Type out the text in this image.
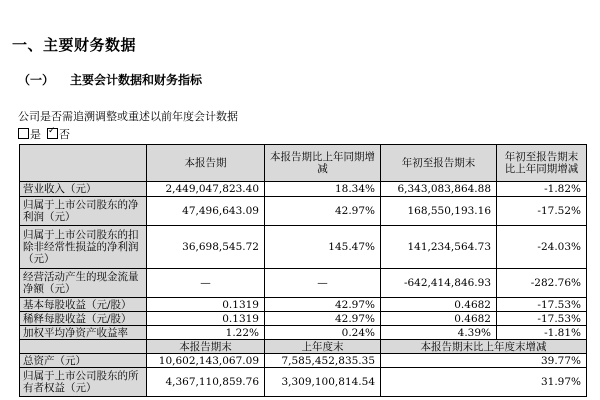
一、主要财务数据
（一） 主要会计数据和财务指标
公司是否需追溯调整或重述以前年度会计数据
是 ✓ 否
	本报告期	本报告期比上年同期增减	年初至报告期末	年初至报告期末比上年同期增减
营业收入（元）	2,449,047,823.40	18.34%	6,343,083,864.88	-1.82%
归属于上市公司股东的净利润（元）	47,496,643.09	42.97%	168,550,193.16	-17.52%
归属于上市公司股东的扣除非经常性损益的净利润（元）	36,698,545.72	145.47%	141,234,564.73	-24.03%
经营活动产生的现金流量净额（元）	—	—	-642,414,846.93	-282.76%
基本每股收益（元/股）	0.1319	42.97%	0.4682	-17.53%
稀释每股收益（元/股）	0.1319	42.97%	0.4682	-17.53%
加权平均净资产收益率	1.22%	0.24%	4.39%	-1.81%
	本报告期末	上年度末	本报告期末比上年度末增减	
总资产（元）	10,602,143,067.09	7,585,452,835.35	39.77%	
归属于上市公司股东的所有者权益（元）	4,367,110,859.76	3,309,100,814.54	31.97%	
